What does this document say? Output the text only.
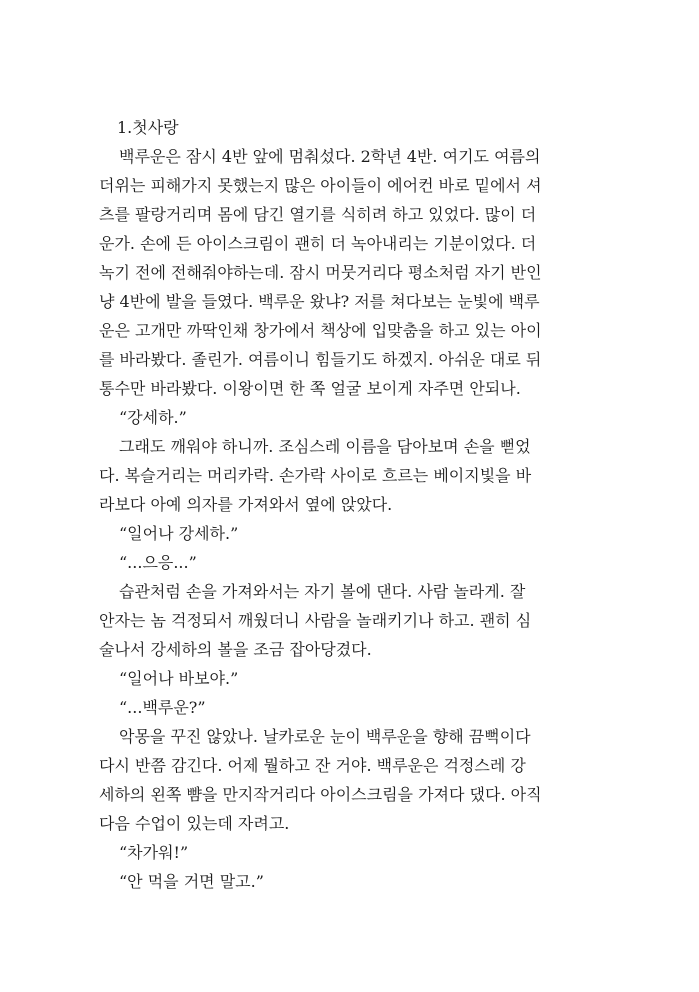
1.첫사랑
백루운은 잠시 4반 앞에 멈춰섰다. 2학년 4반. 여기도 여름의
더위는 피해가지 못했는지 많은 아이들이 에어컨 바로 밑에서 셔
츠를 팔랑거리며 몸에 담긴 열기를 식히려 하고 있었다. 많이 더
운가. 손에 든 아이스크림이 괜히 더 녹아내리는 기분이었다. 더
녹기 전에 전해줘야하는데. 잠시 머뭇거리다 평소처럼 자기 반인
냥 4반에 발을 들였다. 백루운 왔냐? 저를 쳐다보는 눈빛에 백루
운은 고개만 까딱인채 창가에서 책상에 입맞춤을 하고 있는 아이
를 바라봤다. 졸린가. 여름이니 힘들기도 하겠지. 아쉬운 대로 뒤
통수만 바라봤다. 이왕이면 한 쪽 얼굴 보이게 자주면 안되나.
“강세하.”
그래도 깨워야 하니까. 조심스레 이름을 담아보며 손을 뻗었
다. 복슬거리는 머리카락. 손가락 사이로 흐르는 베이지빛을 바
라보다 아예 의자를 가져와서 옆에 앉았다.
“일어나 강세하.”
“...으응...”
습관처럼 손을 가져와서는 자기 볼에 댄다. 사람 놀라게. 잘
안자는 놈 걱정되서 깨웠더니 사람을 놀래키기나 하고. 괜히 심
술나서 강세하의 볼을 조금 잡아당겼다.
“일어나 바보야.”
“...백루운?”
악몽을 꾸진 않았나. 날카로운 눈이 백루운을 향해 끔뻑이다
다시 반쯤 감긴다. 어제 뭘하고 잔 거야. 백루운은 걱정스레 강
세하의 왼쪽 뺨을 만지작거리다 아이스크림을 가져다 댔다. 아직
다음 수업이 있는데 자려고.
“차가워!”
“안 먹을 거면 말고.”
